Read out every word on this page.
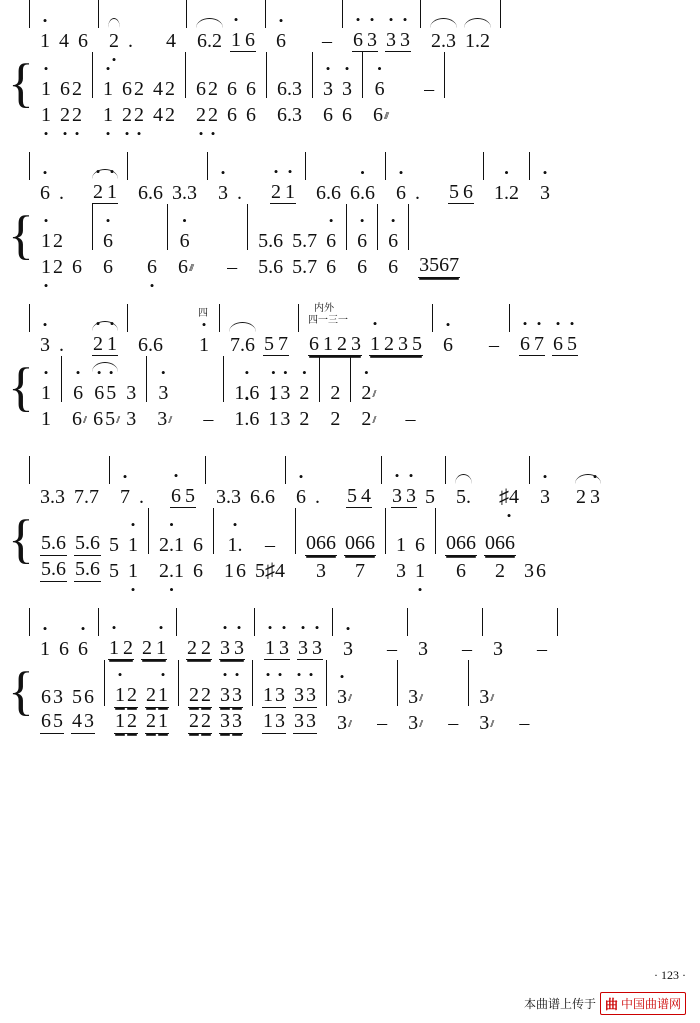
• 1 4 6 2 • . 4 6.2 • 1 6 • 6 – • 6 • 3 • 3 • 3 2.3 1.2
{ • 1
1 •
6 2
2 • 2 •
• 1
1 •
6 2
2 • 2 •
4 2
4 2
6 2
2 • 2 •
6
6
6
6
6.3
6.3
• 3
6
• 3
6
• 6
6 ///
–
• 6 . • 2 • 1 6.6 3.3 • 3 . • 2 • 1 6.6 • 6.6 • 6 . 5 6 • 1.2 • 3
{ • 1 2
1 • 2 6
• 6
6 6 •
• 6
6 /// –
5.6
5.6
5.7
5.7
• 6
6
• 6
6
• 6
6 3567
• 3 . • 2 • 1 6.6
四
• 1 7.6 5 7
内外
四一三一
6 1 2 3 • 1 2 3 5 • 6 – • 6 • 7 • 6 • 5
{ • 1
1
• 6
6 //
• 6 • 5
6 5 //
3
3
• 3
3 // –
• 1.6
• 1.6
• 1 • 3
• 1 3
• 2
2
2
2
• 2 //
2 // –
3.3 7.7 • 7 . • 6 5 3.3 6.6 • 6 . 5 4 • 3 • 3 5 5. ♯4 • • 3 2 • 3
{ 5.6
5.6
5.6
5.6
5
5
• 1
1 •
• 2.1
2.1 •
6
6
• 1.
1 6
–
5♯4
066
3
066
7
1
3
6
1 •
066
6
066
2 3 6
• 1 6 • 6 • 1 2 2 • 1 2 2 • 3 • 3 • 1 • 3 • 3 • 3 • 3 – 3 – 3 –
{ 6 3
6 5
5 6
4 3
• 1 2
1 2
2 • 1
2 1
2 2
2 2
• 3 • 3
3 3
• 1 • 3
1 3
• 3 • 3
3 3
• 3 //
3 // –
3 //
3 // –
3 //
3 // –
· 123 ·
本曲谱上传于 曲 中国曲谱网
